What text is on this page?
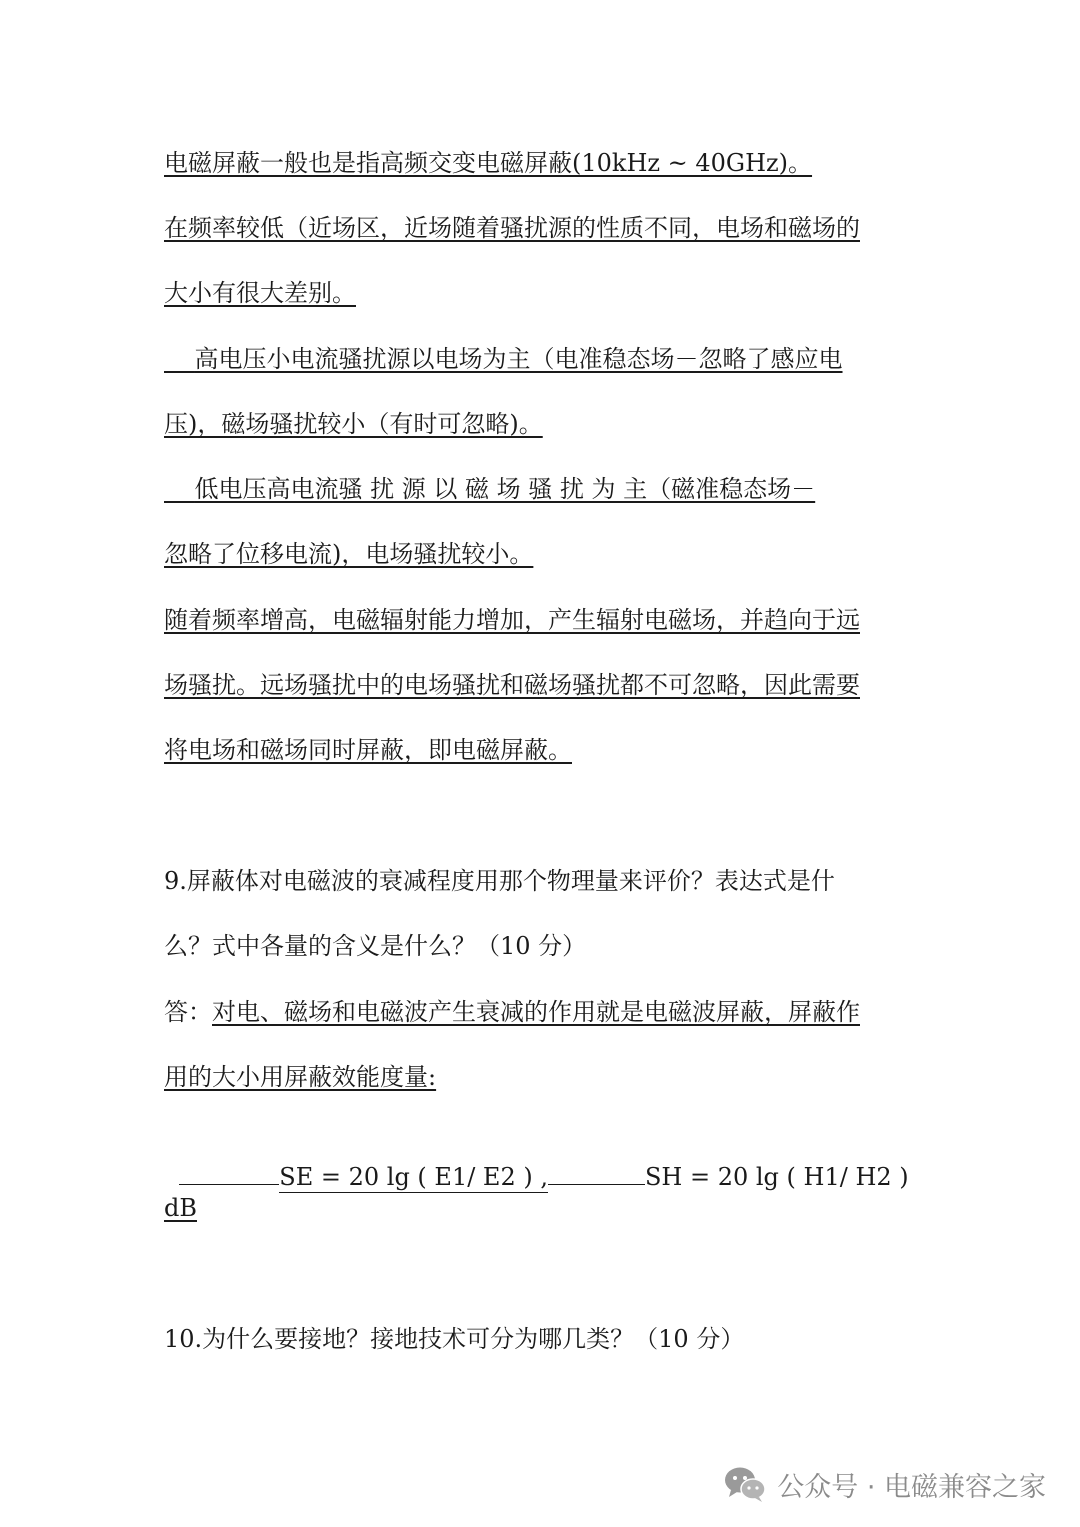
电磁屏蔽一般也是指高频交变电磁屏蔽(10kHz ~ 40GHz)。

在频率较低（近场区，近场随着骚扰源的性质不同，电场和磁场的

大小有很大差别。

高电压小电流骚扰源以电场为主（电准稳态场－忽略了感应电

压)，磁场骚扰较小（有时可忽略)。

低电压高电流骚 扰 源 以 磁 场 骚 扰 为 主（磁准稳态场－

忽略了位移电流)，电场骚扰较小。

随着频率增高，电磁辐射能力增加，产生辐射电磁场，并趋向于远

场骚扰。远场骚扰中的电场骚扰和磁场骚扰都不可忽略，因此需要

将电场和磁场同时屏蔽，即电磁屏蔽。

9.屏蔽体对电磁波的衰减程度用那个物理量来评价？表达式是什

么？式中各量的含义是什么？（10 分）

答：对电、磁场和电磁波产生衰减的作用就是电磁波屏蔽，屏蔽作

用的大小用屏蔽效能度量:

SE = 20 lg ( E1/ E2 ) ,	SH = 20 lg ( H1/ H2 )

dB

10.为什么要接地？接地技术可分为哪几类？（10 分）

公众号 · 电磁兼容之家
